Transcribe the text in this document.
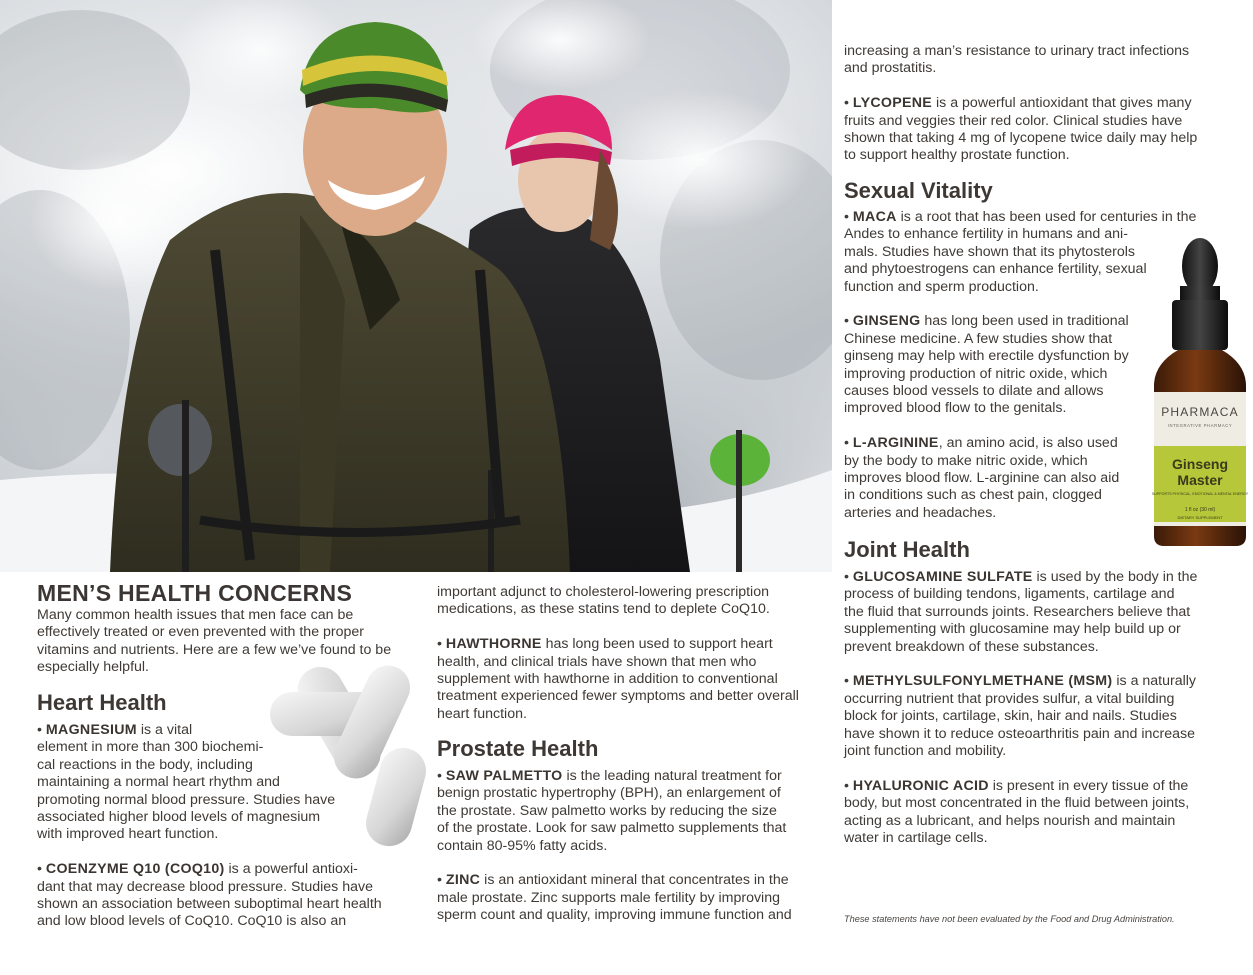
MEN’S HEALTH CONCERNS
Many common health issues that men face can be effectively treated or even prevented with the proper vitamins and nutrients. Here are a few we’ve found to be especially helpful.
Heart Health

• MAGNESIUM is a vital
element in more than 300 biochemi-
cal reactions in the body, including
maintaining a normal heart rhythm and
promoting normal blood pressure. Studies have
associated higher blood levels of magnesium
with improved heart function.

• COENZYME Q10 (COQ10) is a powerful antioxi-
dant that may decrease blood pressure. Studies have
shown an association between suboptimal heart health
and low blood levels of CoQ10. CoQ10 is also an

important adjunct to cholesterol-lowering prescription
medications, as these statins tend to deplete CoQ10.

• HAWTHORNE has long been used to support heart
health, and clinical trials have shown that men who
supplement with hawthorne in addition to conventional
treatment experienced fewer symptoms and better overall
heart function.

Prostate Health

• SAW PALMETTO is the leading natural treatment for
benign prostatic hypertrophy (BPH), an enlargement of
the prostate. Saw palmetto works by reducing the size
of the prostate. Look for saw palmetto supplements that
contain 80-95% fatty acids.

• ZINC is an antioxidant mineral that concentrates in the
male prostate. Zinc supports male fertility by improving
sperm count and quality, improving immune function and

increasing a man’s resistance to urinary tract infections
and prostatitis.

• LYCOPENE is a powerful antioxidant that gives many
fruits and veggies their red color. Clinical studies have
shown that taking 4 mg of lycopene twice daily may help
to support healthy prostate function.

Sexual Vitality

• MACA is a root that has been used for centuries in the
Andes to enhance fertility in humans and ani-
mals. Studies have shown that its phytosterols
and phytoestrogens can enhance fertility, sexual
function and sperm production.

• GINSENG has long been used in traditional
Chinese medicine. A few studies show that
ginseng may help with erectile dysfunction by
improving production of nitric oxide, which
causes blood vessels to dilate and allows
improved blood flow to the genitals.

• L-ARGININE, an amino acid, is also used
by the body to make nitric oxide, which
improves blood flow. L-arginine can also aid
in conditions such as chest pain, clogged
arteries and headaches.

PHARMACA
INTEGRATIVE PHARMACY
Ginseng
Master
SUPPORTS PHYSICAL, EMOTIONAL & MENTAL ENERGY
1 fl oz (30 ml)
DIETARY SUPPLEMENT
Joint Health

• GLUCOSAMINE SULFATE is used by the body in the
process of building tendons, ligaments, cartilage and
the fluid that surrounds joints. Researchers believe that
supplementing with glucosamine may help build up or
prevent breakdown of these substances.

• METHYLSULFONYLMETHANE (MSM) is a naturally
occurring nutrient that provides sulfur, a vital building
block for joints, cartilage, skin, hair and nails. Studies
have shown it to reduce osteoarthritis pain and increase
joint function and mobility.

• HYALURONIC ACID is present in every tissue of the
body, but most concentrated in the fluid between joints,
acting as a lubricant, and helps nourish and maintain
water in cartilage cells.

These statements have not been evaluated by the Food and Drug Administration.
